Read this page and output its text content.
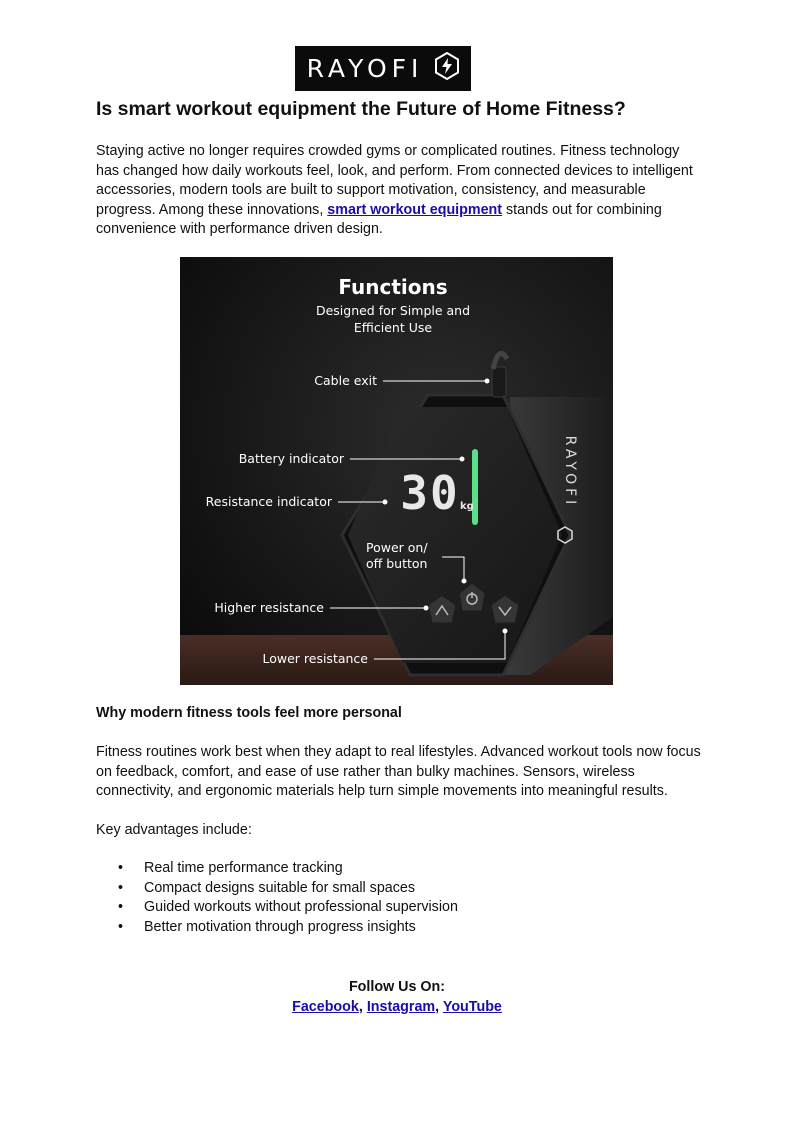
RAYOFI
Is smart workout equipment the Future of Home Fitness?

Staying active no longer requires crowded gyms or complicated routines. Fitness technology has changed how daily workouts feel, look, and perform. From connected devices to intelligent accessories, modern tools are built to support motivation, consistency, and measurable progress. Among these innovations, smart workout equipment stands out for combining convenience with performance driven design.

30 kg	RAYOFI
Functions
Designed for Simple and
Efficient Use
Cable exit
Battery indicator
Resistance indicator
Power on/
off button
Higher resistance
Lower resistance
Why modern fitness tools feel more personal

Fitness routines work best when they adapt to real lifestyles. Advanced workout tools now focus on feedback, comfort, and ease of use rather than bulky machines. Sensors, wireless connectivity, and ergonomic materials help turn simple movements into meaningful results.

Key advantages include:

• Real time performance tracking
• Compact designs suitable for small spaces
• Guided workouts without professional supervision
• Better motivation through progress insights

Follow Us On:

Facebook, Instagram, YouTube
